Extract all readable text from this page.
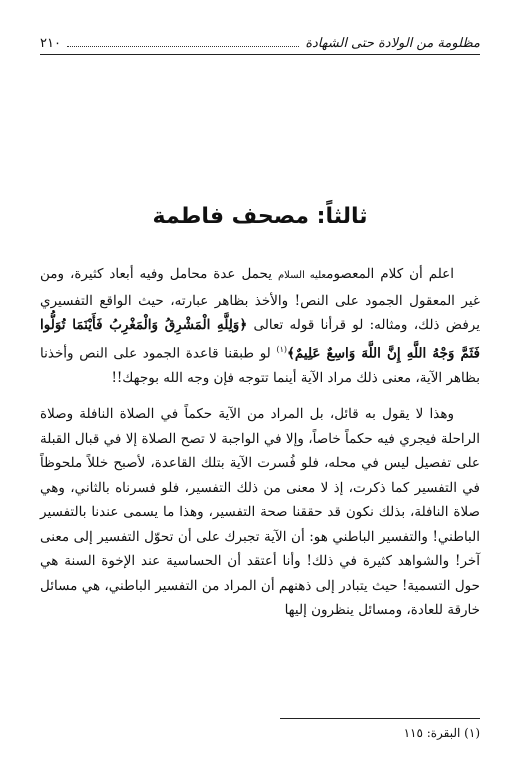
مظلومة من الولادة حتى الشهادة
٢١٠
ثالثاً: مصحف فاطمة

اعلم أن كلام المعصومعليه السلام يحمل عدة محامل وفيه أبعاد كثيرة، ومن غير المعقول الجمود على النص! والأخذ بظاهر عبارته، حيث الواقع التفسيري يرفض ذلك، ومثاله: لو قرأنا قوله تعالى ﴿وَلِلَّهِ الْمَشْرِقُ وَالْمَغْرِبُ فَأَيْنَمَا تُوَلُّوا فَثَمَّ وَجْهُ اللَّهِ إِنَّ اللَّهَ وَاسِعٌ عَلِيمٌ﴾$^{(١)}$ لو طبقنا قاعدة الجمود على النص وأخذنا بظاهر الآية، معنى ذلك مراد الآية أينما تتوجه فإن وجه الله بوجهك!!

وهذا لا يقول به قائل، بل المراد من الآية حكماً في الصلاة النافلة وصلاة الراحلة فيجري فيه حكماً خاصاً، وإلا في الواجبة لا تصح الصلاة إلا في قبال القبلة على تفصيل ليس في محله، فلو فُسرت الآية بتلك القاعدة، لأصبح خللاً ملحوظاً في التفسير كما ذكرت، إذ لا معنى من ذلك التفسير، فلو فسرناه بالثاني، وهي صلاة النافلة، بذلك نكون قد حققنا صحة التفسير، وهذا ما يسمى عندنا بالتفسير الباطني! والتفسير الباطني هو: أن الآية تجبرك على أن تحوّل التفسير إلى معنى آخر! والشواهد كثيرة في ذلك! وأنا أعتقد أن الحساسية عند الإخوة السنة هي حول التسمية! حيث يتبادر إلى ذهنهم أن المراد من التفسير الباطني، هي مسائل خارقة للعادة، ومسائل ينظرون إليها

(١) البقرة: ١١٥
